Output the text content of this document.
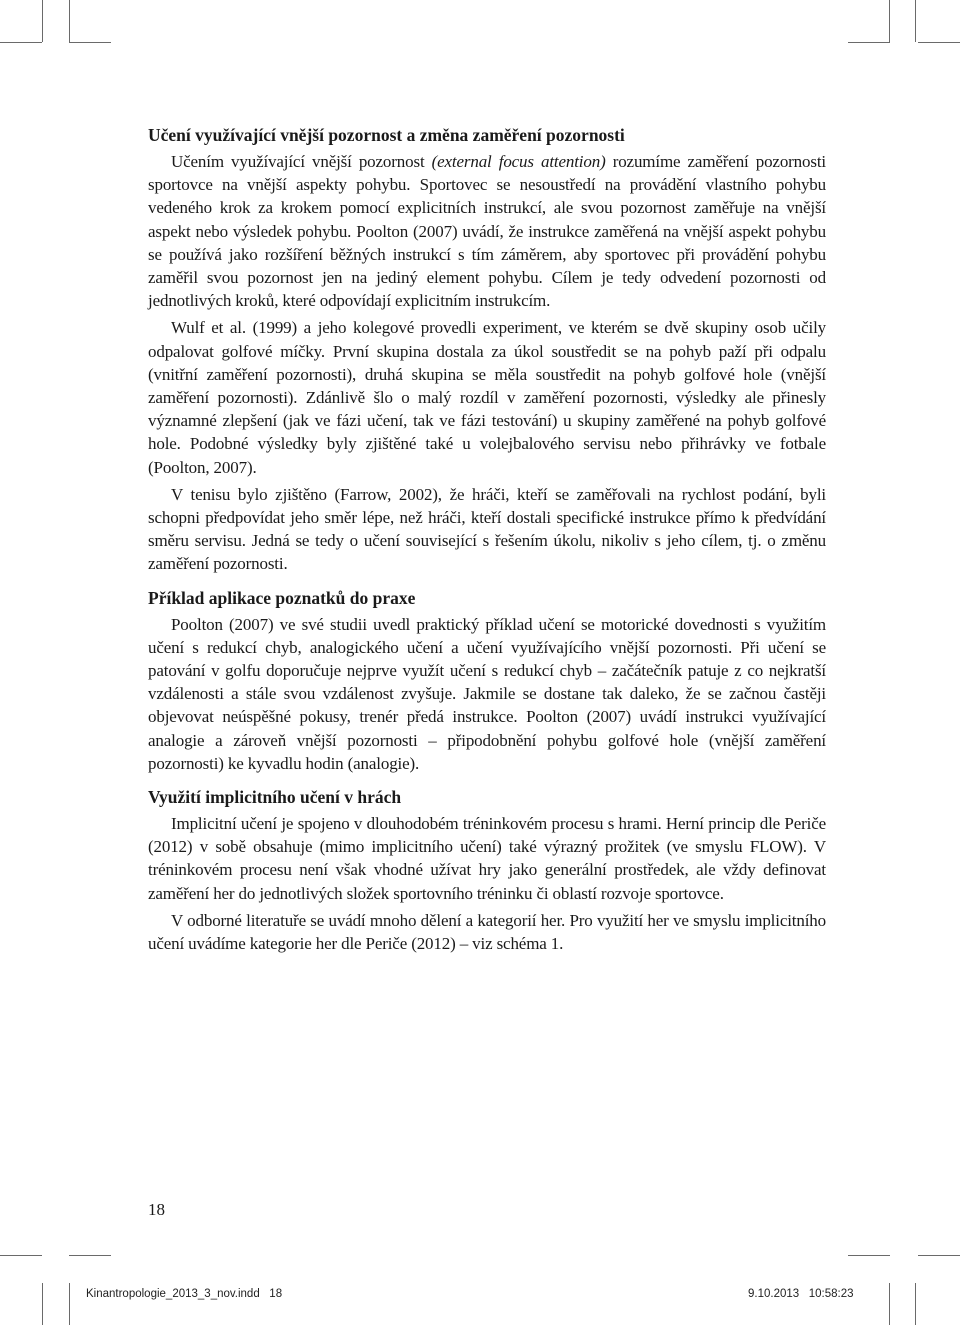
Učení využívající vnější pozornost a změna zaměření pozornosti

Učením využívající vnější pozornost (external focus attention) rozumíme zaměření pozornosti sportovce na vnější aspekty pohybu. Sportovec se nesoustředí na provádění vlastního pohybu vedeného krok za krokem pomocí explicitních instrukcí, ale svou pozornost zaměřuje na vnější aspekt nebo výsledek pohybu. Poolton (2007) uvádí, že instrukce zaměřená na vnější aspekt pohybu se používá jako rozšíření běžných instrukcí s tím záměrem, aby sportovec při provádění pohybu zaměřil svou pozornost jen na jediný element pohybu. Cílem je tedy odvedení pozornosti od jednotlivých kroků, které odpovídají explicitním instrukcím.

Wulf et al. (1999) a jeho kolegové provedli experiment, ve kterém se dvě skupiny osob učily odpalovat golfové míčky. První skupina dostala za úkol soustředit se na pohyb paží při odpalu (vnitřní zaměření pozornosti), druhá skupina se měla soustředit na pohyb golfové hole (vnější zaměření pozornosti). Zdánlivě šlo o malý rozdíl v zaměření pozornosti, výsledky ale přinesly významné zlepšení (jak ve fázi učení, tak ve fázi testování) u skupiny zaměřené na pohyb golfové hole. Podobné výsledky byly zjištěné také u volejbalového servisu nebo přihrávky ve fotbale (Poolton, 2007).

V tenisu bylo zjištěno (Farrow, 2002), že hráči, kteří se zaměřovali na rychlost podání, byli schopni předpovídat jeho směr lépe, než hráči, kteří dostali specifické instrukce přímo k předvídání směru servisu. Jedná se tedy o učení související s řešením úkolu, nikoliv s jeho cílem, tj. o změnu zaměření pozornosti.

Příklad aplikace poznatků do praxe

Poolton (2007) ve své studii uvedl praktický příklad učení se motorické dovednosti s využitím učení s redukcí chyb, analogického učení a učení využívajícího vnější pozornosti. Při učení se patování v golfu doporučuje nejprve využít učení s redukcí chyb – začátečník patuje z co nejkratší vzdálenosti a stále svou vzdálenost zvyšuje. Jakmile se dostane tak daleko, že se začnou častěji objevovat neúspěšné pokusy, trenér předá instrukce. Poolton (2007) uvádí instrukci využívající analogie a zároveň vnější pozornosti – připodobnění pohybu golfové hole (vnější zaměření pozornosti) ke kyvadlu hodin (analogie).

Využití implicitního učení v hrách

Implicitní učení je spojeno v dlouhodobém tréninkovém procesu s hrami. Herní princip dle Periče (2012) v sobě obsahuje (mimo implicitního učení) také výrazný prožitek (ve smyslu FLOW). V tréninkovém procesu není však vhodné užívat hry jako generální prostředek, ale vždy definovat zaměření her do jednotlivých složek sportovního tréninku či oblastí rozvoje sportovce.

V odborné literatuře se uvádí mnoho dělení a kategorií her. Pro využití her ve smyslu implicitního učení uvádíme kategorie her dle Periče (2012) – viz schéma 1.

18
Kinantropologie_2013_3_nov.indd   18	9.10.2013   10:58:23
